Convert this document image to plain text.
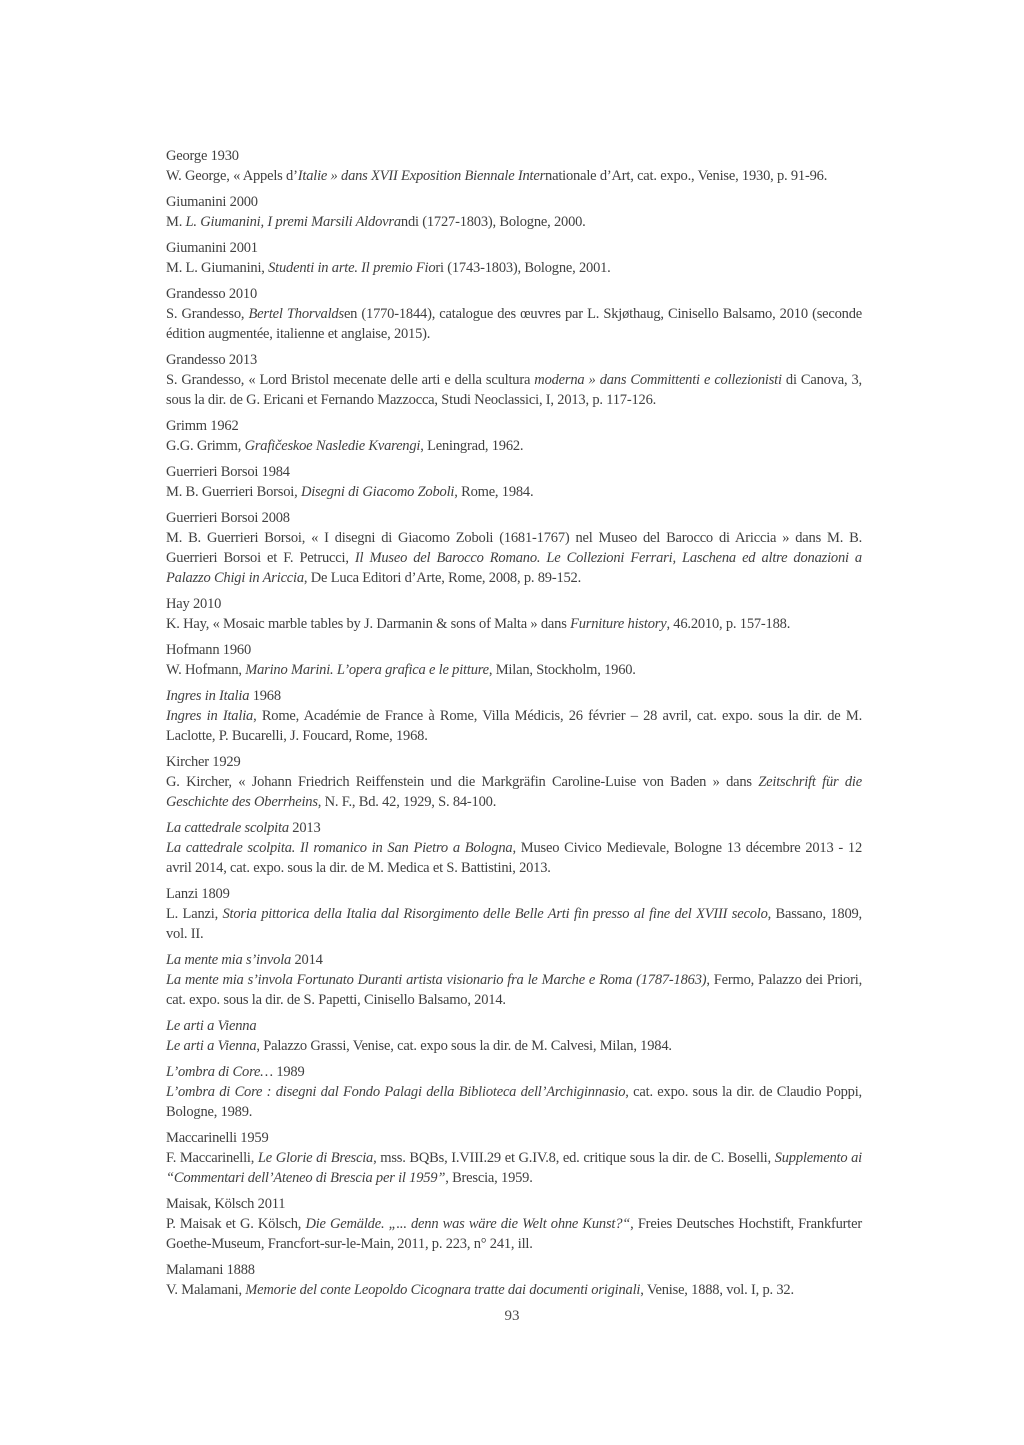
George 1930

W. George, « Appels d’Italie » dans XVII Exposition Biennale Internationale d’Art, cat. expo., Venise, 1930, p. 91-96.

Giumanini 2000

M. L. Giumanini, I premi Marsili Aldovrandi (1727-1803), Bologne, 2000.

Giumanini 2001

M. L. Giumanini, Studenti in arte. Il premio Fiori (1743-1803), Bologne, 2001.

Grandesso 2010

S. Grandesso, Bertel Thorvaldsen (1770-1844), catalogue des œuvres par L. Skjøthaug, Cinisello Balsamo, 2010 (seconde édition augmentée, italienne et anglaise, 2015).

Grandesso 2013

S. Grandesso, « Lord Bristol mecenate delle arti e della scultura moderna » dans Committenti e collezionisti di Canova, 3, sous la dir. de G. Ericani et Fernando Mazzocca, Studi Neoclassici, I, 2013, p. 117-126.

Grimm 1962

G.G. Grimm, Grafičeskoe Nasledie Kvarengi, Leningrad, 1962.

Guerrieri Borsoi 1984

M. B. Guerrieri Borsoi, Disegni di Giacomo Zoboli, Rome, 1984.

Guerrieri Borsoi 2008

M. B. Guerrieri Borsoi, « I disegni di Giacomo Zoboli (1681-1767) nel Museo del Barocco di Ariccia » dans M. B. Guerrieri Borsoi et F. Petrucci, Il Museo del Barocco Romano. Le Collezioni Ferrari, Laschena ed altre donazioni a Palazzo Chigi in Ariccia, De Luca Editori d’Arte, Rome, 2008, p. 89-152.

Hay 2010

K. Hay, « Mosaic marble tables by J. Darmanin & sons of Malta » dans Furniture history, 46.2010, p. 157-188.

Hofmann 1960

W. Hofmann, Marino Marini. L’opera grafica e le pitture, Milan, Stockholm, 1960.

Ingres in Italia 1968

Ingres in Italia, Rome, Académie de France à Rome, Villa Médicis, 26 février – 28 avril, cat. expo. sous la dir. de M. Laclotte, P. Bucarelli, J. Foucard, Rome, 1968.

Kircher 1929

G. Kircher, « Johann Friedrich Reiffenstein und die Markgräfin Caroline-Luise von Baden » dans Zeitschrift für die Geschichte des Oberrheins, N. F., Bd. 42, 1929, S. 84-100.

La cattedrale scolpita 2013

La cattedrale scolpita. Il romanico in San Pietro a Bologna, Museo Civico Medievale, Bologne 13 décembre 2013 - 12 avril 2014, cat. expo. sous la dir. de M. Medica et S. Battistini, 2013.

Lanzi 1809

L. Lanzi, Storia pittorica della Italia dal Risorgimento delle Belle Arti fin presso al fine del XVIII secolo, Bassano, 1809, vol. II.

La mente mia s’invola 2014

La mente mia s’invola Fortunato Duranti artista visionario fra le Marche e Roma (1787-1863), Fermo, Palazzo dei Priori, cat. expo. sous la dir. de S. Papetti, Cinisello Balsamo, 2014.

Le arti a Vienna

Le arti a Vienna, Palazzo Grassi, Venise, cat. expo sous la dir. de M. Calvesi, Milan, 1984.

L’ombra di Core… 1989

L’ombra di Core : disegni dal Fondo Palagi della Biblioteca dell’Archiginnasio, cat. expo. sous la dir. de Claudio Poppi, Bologne, 1989.

Maccarinelli 1959

F. Maccarinelli, Le Glorie di Brescia, mss. BQBs, I.VIII.29 et G.IV.8, ed. critique sous la dir. de C. Boselli, Supplemento ai “Commentari dell’Ateneo di Brescia per il 1959”, Brescia, 1959.

Maisak, Kölsch 2011

P. Maisak et G. Kölsch, Die Gemälde. „... denn was wäre die Welt ohne Kunst?“, Freies Deutsches Hochstift, Frankfurter Goethe-Museum, Francfort-sur-le-Main, 2011, p. 223, n° 241, ill.

Malamani 1888

V. Malamani, Memorie del conte Leopoldo Cicognara tratte dai documenti originali, Venise, 1888, vol. I, p. 32.

93
